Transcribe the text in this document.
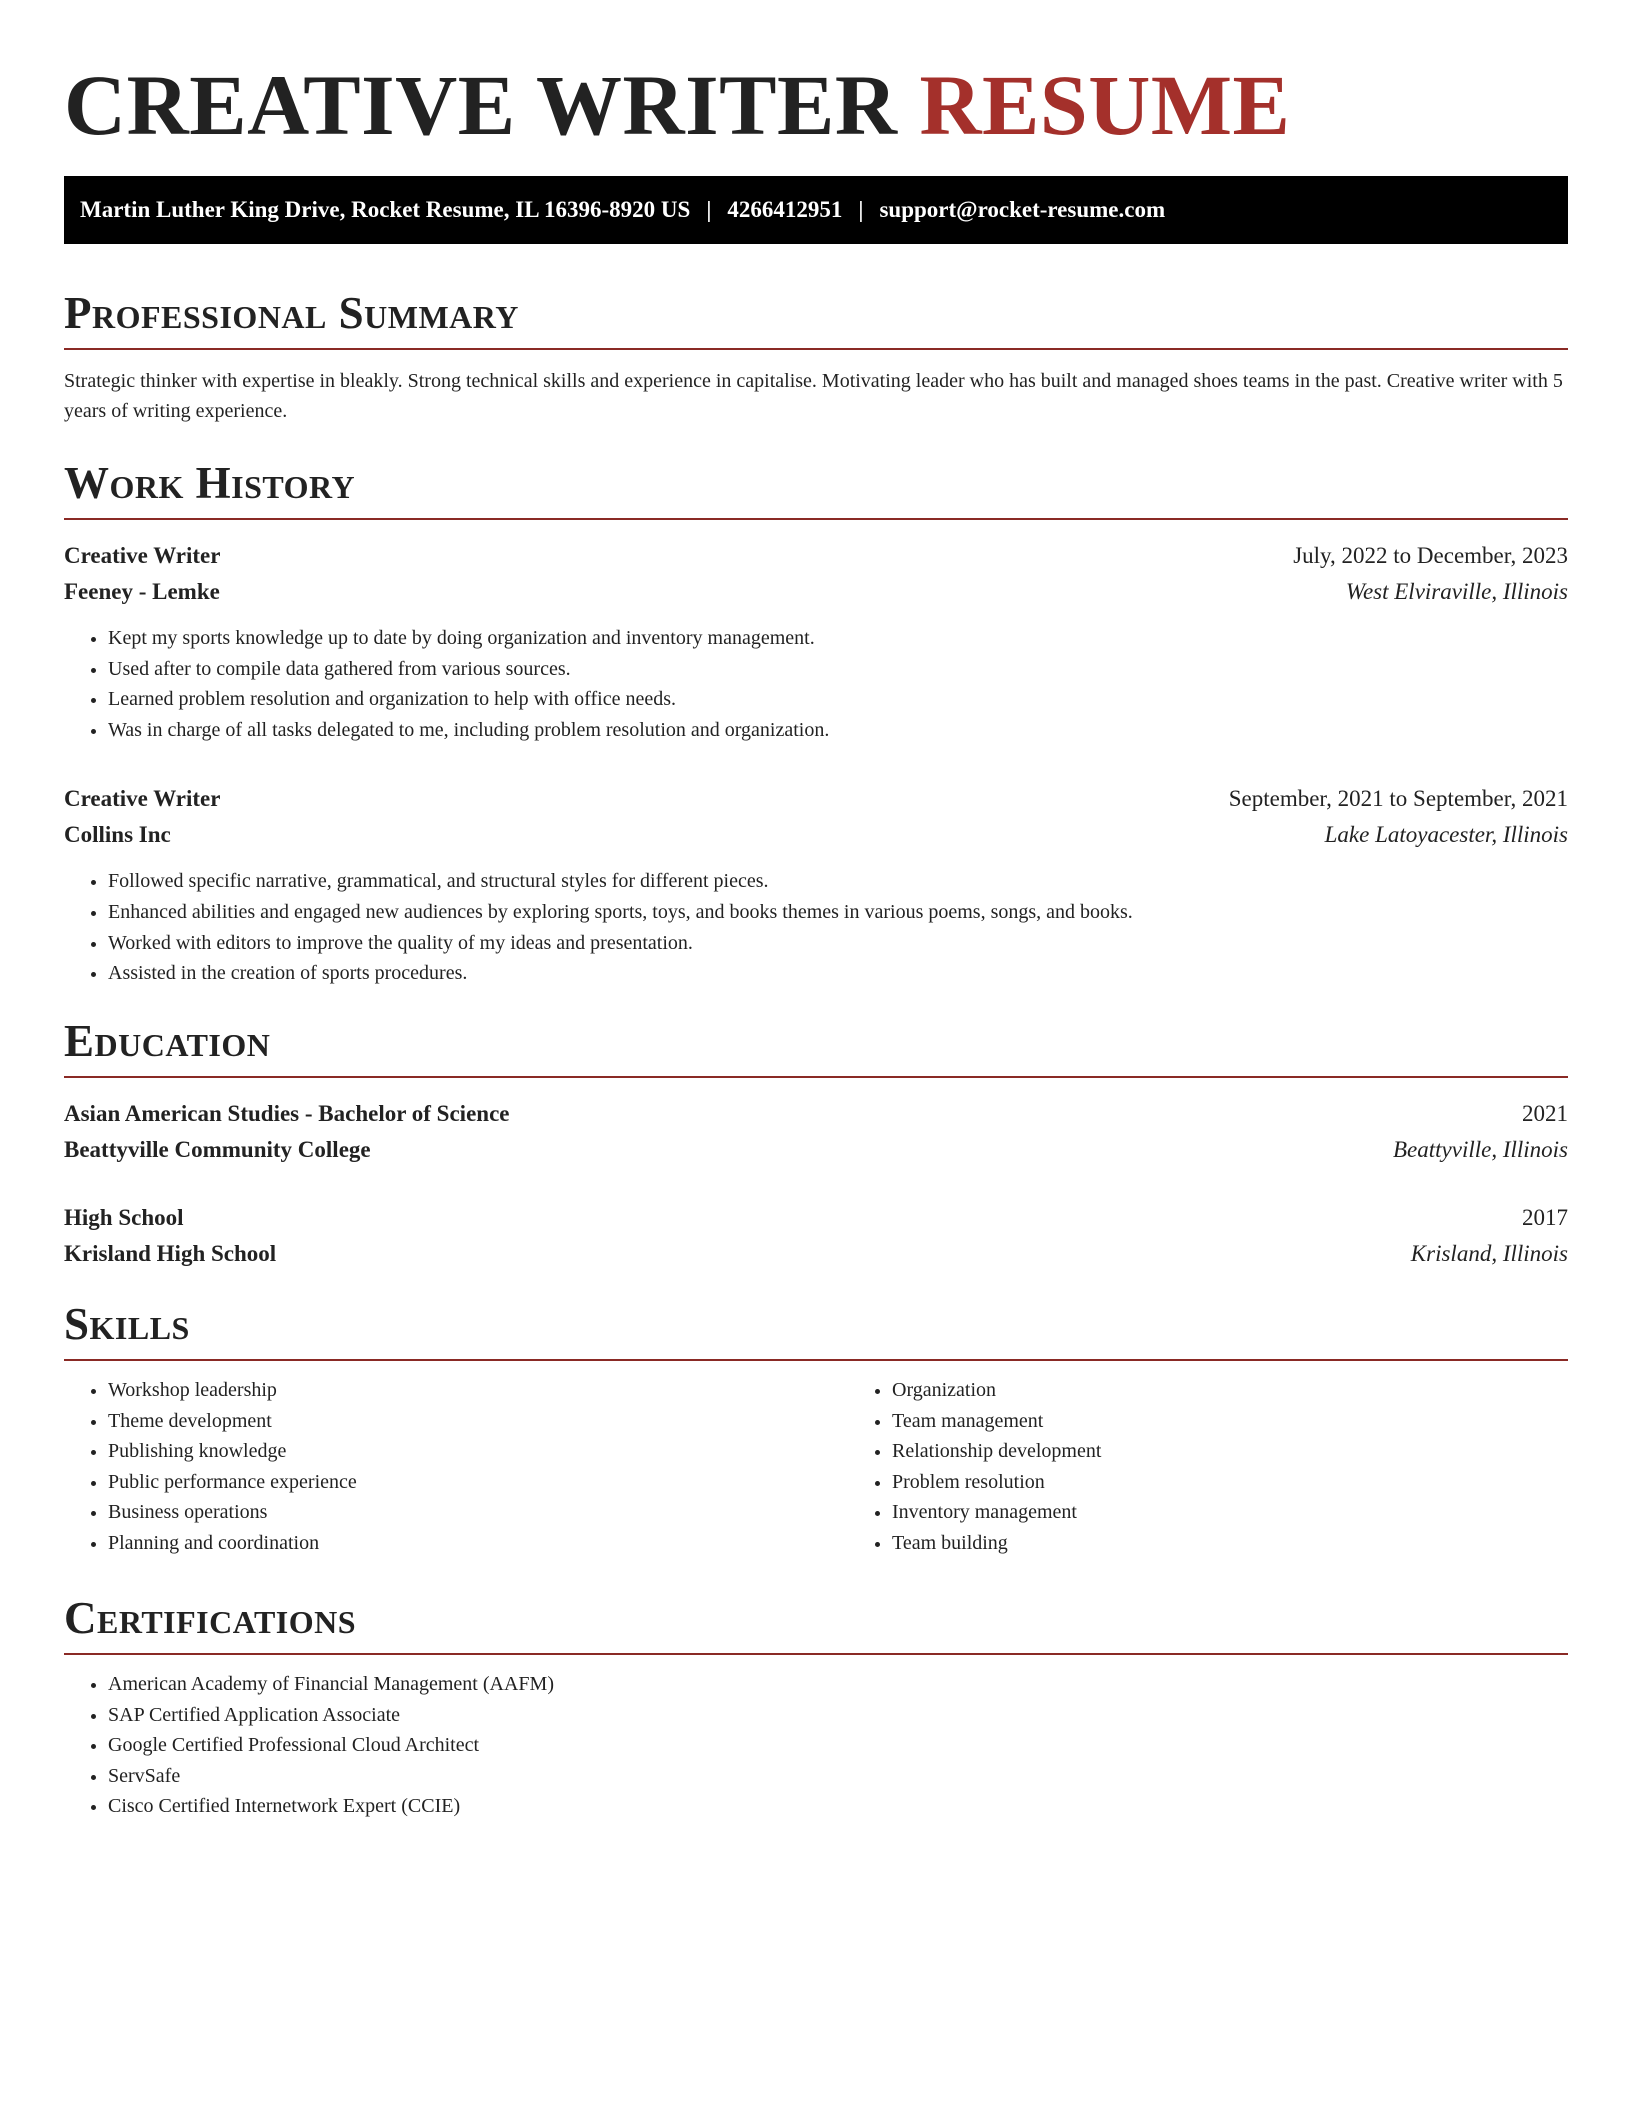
CREATIVE WRITER RESUME
Martin Luther King Drive, Rocket Resume, IL 16396-8920 US | 4266412951 | support@rocket-resume.com
Professional Summary

Strategic thinker with expertise in bleakly. Strong technical skills and experience in capitalise. Motivating leader who has built and managed shoes teams in the past. Creative writer with 5 years of writing experience.

Work History
Creative Writer	July, 2022 to December, 2023
Feeney - Lemke	West Elviraville, Illinois
• Kept my sports knowledge up to date by doing organization and inventory management.
• Used after to compile data gathered from various sources.
• Learned problem resolution and organization to help with office needs.
• Was in charge of all tasks delegated to me, including problem resolution and organization.
Creative Writer	September, 2021 to September, 2021
Collins Inc	Lake Latoyacester, Illinois
• Followed specific narrative, grammatical, and structural styles for different pieces.
• Enhanced abilities and engaged new audiences by exploring sports, toys, and books themes in various poems, songs, and books.
• Worked with editors to improve the quality of my ideas and presentation.
• Assisted in the creation of sports procedures.
Education
Asian American Studies - Bachelor of Science	2021
Beattyville Community College	Beattyville, Illinois
High School	2017
Krisland High School	Krisland, Illinois
Skills
• Workshop leadership
• Theme development
• Publishing knowledge
• Public performance experience
• Business operations
• Planning and coordination
• Organization
• Team management
• Relationship development
• Problem resolution
• Inventory management
• Team building
Certifications
• American Academy of Financial Management (AAFM)
• SAP Certified Application Associate
• Google Certified Professional Cloud Architect
• ServSafe
• Cisco Certified Internetwork Expert (CCIE)
